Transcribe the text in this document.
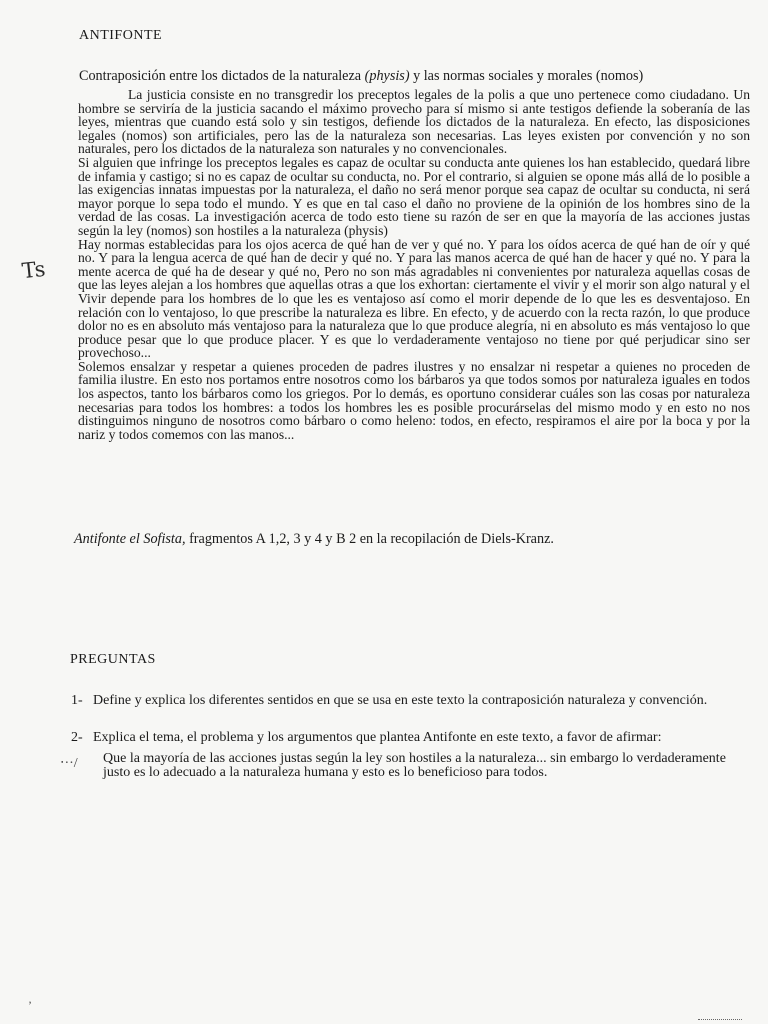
ANTIFONTE
Contraposición entre los dictados de la naturaleza (physis) y las normas sociales y morales (nomos)

La justicia consiste en no transgredir los preceptos legales de la polis a que uno pertenece como ciudadano. Un hombre se serviría de la justicia sacando el máximo provecho para sí mismo si ante testigos defiende la soberanía de las leyes, mientras que cuando está solo y sin testigos, defiende los dictados de la naturaleza. En efecto, las disposiciones legales (nomos) son artificiales, pero las de la naturaleza son necesarias. Las leyes existen por convención y no son naturales, pero los dictados de la naturaleza son naturales y no convencionales.

Si alguien que infringe los preceptos legales es capaz de ocultar su conducta ante quienes los han establecido, quedará libre de infamia y castigo; si no es capaz de ocultar su conducta, no. Por el contrario, si alguien se opone más allá de lo posible a las exigencias innatas impuestas por la naturaleza, el daño no será menor porque sea capaz de ocultar su conducta, ni será mayor porque lo sepa todo el mundo. Y es que en tal caso el daño no proviene de la opinión de los hombres sino de la verdad de las cosas. La investigación acerca de todo esto tiene su razón de ser en que la mayoría de las acciones justas según la ley (nomos) son hostiles a la naturaleza (physis)

Hay normas establecidas para los ojos acerca de qué han de ver y qué no. Y para los oídos acerca de qué han de oír y qué no. Y para la lengua acerca de qué han de decir y qué no. Y para las manos acerca de qué han de hacer y qué no. Y para la mente acerca de qué ha de desear y qué no, Pero no son más agradables ni convenientes por naturaleza aquellas cosas de que las leyes alejan a los hombres que aquellas otras a que los exhortan: ciertamente el vivir y el morir son algo natural y el Vivir depende para los hombres de lo que les es ventajoso así como el morir depende de lo que les es desventajoso. En relación con lo ventajoso, lo que prescribe la naturaleza es libre. En efecto, y de acuerdo con la recta razón, lo que produce dolor no es en absoluto más ventajoso para la naturaleza que lo que produce alegría, ni en absoluto es más ventajoso lo que produce pesar que lo que produce placer. Y es que lo verdaderamente ventajoso no tiene por qué perjudicar sino ser provechoso...

Solemos ensalzar y respetar a quienes proceden de padres ilustres y no ensalzar ni respetar a quienes no proceden de familia ilustre. En esto nos portamos entre nosotros como los bárbaros ya que todos somos por naturaleza iguales en todos los aspectos, tanto los bárbaros como los griegos. Por lo demás, es oportuno considerar cuáles son las cosas por naturaleza necesarias para todos los hombres: a todos los hombres les es posible procurárselas del mismo modo y en esto no nos distinguimos ninguno de nosotros como bárbaro o como heleno: todos, en efecto, respiramos el aire por la boca y por la nariz y todos comemos con las manos...

Antifonte el Sofista, fragmentos A 1,2, 3 y 4 y B 2 en la recopilación de Diels-Kranz.
Ts
PREGUNTAS
1- Define y explica los diferentes sentidos en que se usa en este texto la contraposición naturaleza y convención.
2- Explica el tema, el problema y los argumentos que plantea Antifonte en este texto, a favor de afirmar:
‧··/ Que la mayoría de las acciones justas según la ley son hostiles a la naturaleza... sin embargo lo verdaderamente justo es lo adecuado a la naturaleza humana y esto es lo beneficioso para todos.
’
